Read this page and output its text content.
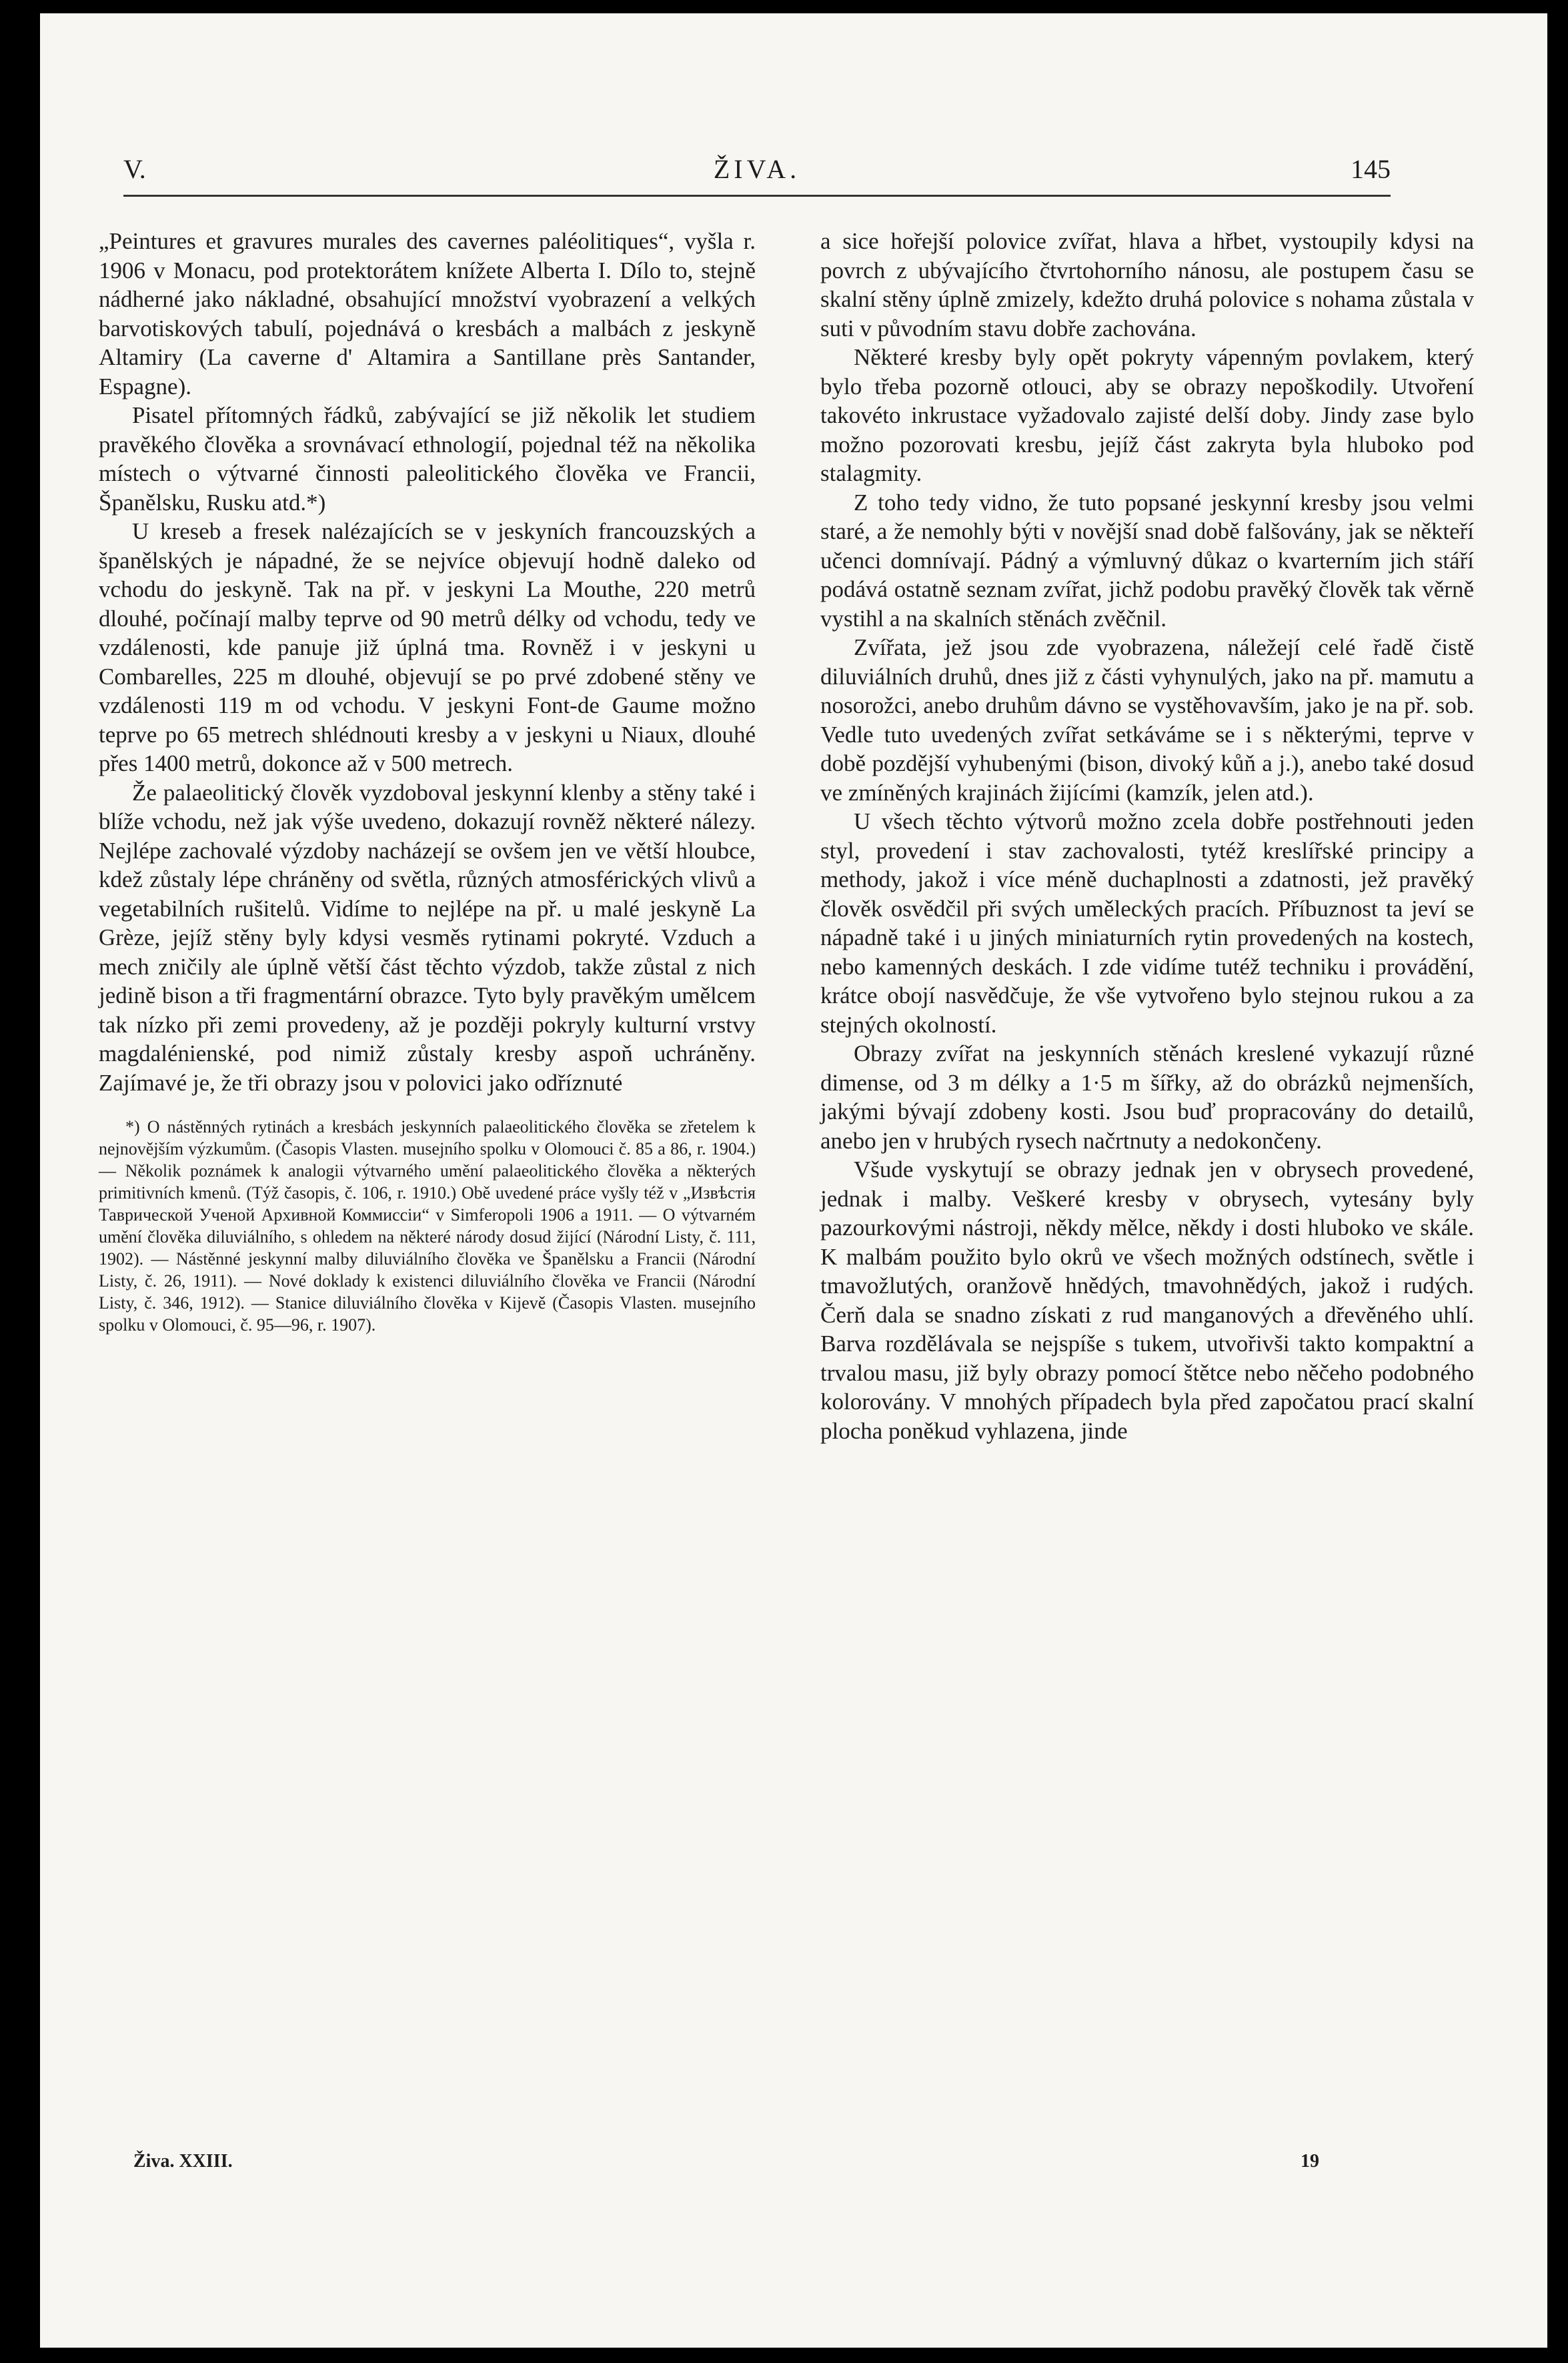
V.	ŽIVA.	145

„Peintures et gravures murales des cavernes paléolitiques“, vyšla r. 1906 v Monacu, pod protektorátem knížete Alberta I. Dílo to, stejně nádherné jako nákladné, obsahující množství vyobrazení a velkých barvotiskových tabulí, pojednává o kresbách a malbách z jeskyně Altamiry (La caverne d' Altamira a Santillane près Santander, Espagne).

Pisatel přítomných řádků, zabývající se již několik let studiem pravěkého člověka a srovnávací ethnologií, pojednal též na několika místech o výtvarné činnosti paleolitického člověka ve Francii, Španělsku, Rusku atd.*)

U kreseb a fresek nalézajících se v jeskyních francouzských a španělských je nápadné, že se nejvíce objevují hodně daleko od vchodu do jeskyně. Tak na př. v jeskyni La Mouthe, 220 metrů dlouhé, počínají malby teprve od 90 metrů délky od vchodu, tedy ve vzdálenosti, kde panuje již úplná tma. Rovněž i v jeskyni u Combarelles, 225 m dlouhé, objevují se po prvé zdobené stěny ve vzdálenosti 119 m od vchodu. V jeskyni Font-de Gaume možno teprve po 65 metrech shlédnouti kresby a v jeskyni u Niaux, dlouhé přes 1400 metrů, dokonce až v 500 metrech.

Že palaeolitický člověk vyzdoboval jeskynní klenby a stěny také i blíže vchodu, než jak výše uvedeno, dokazují rovněž některé nálezy. Nejlépe zachovalé výzdoby nacházejí se ovšem jen ve větší hloubce, kdež zůstaly lépe chráněny od světla, různých atmosférických vlivů a vegetabilních rušitelů. Vidíme to nejlépe na př. u malé jeskyně La Grèze, jejíž stěny byly kdysi vesměs rytinami pokryté. Vzduch a mech zničily ale úplně větší část těchto výzdob, takže zůstal z nich jedině bison a tři fragmentární obrazce. Tyto byly pravěkým umělcem tak nízko při zemi provedeny, až je později pokryly kulturní vrstvy magdalénienské, pod nimiž zůstaly kresby aspoň uchráněny. Zajímavé je, že tři obrazy jsou v polovici jako odříznuté

*) O nástěnných rytinách a kresbách jeskynních palaeolitického člověka se zřetelem k nejnovějším výzkumům. (Časopis Vlasten. musejního spolku v Olomouci č. 85 a 86, r. 1904.) — Několik poznámek k analogii výtvarného umění palaeolitického člověka a některých primitivních kmenů. (Týž časopis, č. 106, r. 1910.) Obě uvedené práce vyšly též v „Извѣстiя Таврической Ученой Архивной Коммиссiи“ v Simferopoli 1906 a 1911. — O výtvarném umění člověka diluviálního, s ohledem na některé národy dosud žijící (Národní Listy, č. 111, 1902). — Nástěnné jeskynní malby diluviálního člověka ve Španělsku a Francii (Národní Listy, č. 26, 1911). — Nové doklady k existenci diluviálního člověka ve Francii (Národní Listy, č. 346, 1912). — Stanice diluviálního člověka v Kijevě (Časopis Vlasten. musejního spolku v Olomouci, č. 95—96, r. 1907).

a sice hořejší polovice zvířat, hlava a hřbet, vystoupily kdysi na povrch z ubývajícího čtvrtohorního nánosu, ale postupem času se skalní stěny úplně zmizely, kdežto druhá polovice s nohama zůstala v suti v původním stavu dobře zachována.

Některé kresby byly opět pokryty vápenným povlakem, který bylo třeba pozorně otlouci, aby se obrazy nepoškodily. Utvoření takovéto inkrustace vyžadovalo zajisté delší doby. Jindy zase bylo možno pozorovati kresbu, jejíž část zakryta byla hluboko pod stalagmity.

Z toho tedy vidno, že tuto popsané jeskynní kresby jsou velmi staré, a že nemohly býti v novější snad době falšovány, jak se někteří učenci domnívají. Pádný a výmluvný důkaz o kvarterním jich stáří podává ostatně seznam zvířat, jichž podobu pravěký člověk tak věrně vystihl a na skalních stěnách zvěčnil.

Zvířata, jež jsou zde vyobrazena, náležejí celé řadě čistě diluviálních druhů, dnes již z části vyhynulých, jako na př. mamutu a nosorožci, anebo druhům dávno se vystěhovavším, jako je na př. sob. Vedle tuto uvedených zvířat setkáváme se i s některými, teprve v době pozdější vyhubenými (bison, divoký kůň a j.), anebo také dosud ve zmíněných krajinách žijícími (kamzík, jelen atd.).

U všech těchto výtvorů možno zcela dobře postřehnouti jeden styl, provedení i stav zachovalosti, tytéž kreslířské principy a methody, jakož i více méně duchaplnosti a zdatnosti, jež pravěký člověk osvědčil při svých uměleckých pracích. Příbuznost ta jeví se nápadně také i u jiných miniaturních rytin provedených na kostech, nebo kamenných deskách. I zde vidíme tutéž techniku i provádění, krátce obojí nasvědčuje, že vše vytvořeno bylo stejnou rukou a za stejných okolností.

Obrazy zvířat na jeskynních stěnách kreslené vykazují různé dimense, od 3 m délky a 1·5 m šířky, až do obrázků nejmenších, jakými bývají zdobeny kosti. Jsou buď propracovány do detailů, anebo jen v hrubých rysech načrtnuty a nedokončeny.

Všude vyskytují se obrazy jednak jen v obrysech provedené, jednak i malby. Veškeré kresby v obrysech, vytesány byly pazourkovými nástroji, někdy mělce, někdy i dosti hluboko ve skále. K malbám použito bylo okrů ve všech možných odstínech, světle i tmavožlutých, oranžově hnědých, tmavohnědých, jakož i rudých. Čerň dala se snadno získati z rud manganových a dřevěného uhlí. Barva rozdělávala se nejspíše s tukem, utvořivši takto kompaktní a trvalou masu, již byly obrazy pomocí štětce nebo něčeho podobného kolorovány. V mnohých případech byla před započatou prací skalní plocha poněkud vyhlazena, jinde

Živa. XXIII.	19
